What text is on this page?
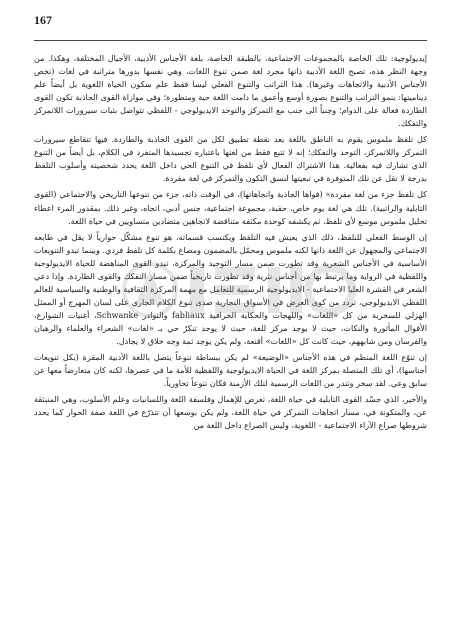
167

إيديولوجية: تلك الخاصة بالمجموعات الاجتماعية، بالطبقة الخاصة، بلغة الأجناس الأدبية، الأجيال المختلفة، وهكذا. من وجهة النظر هذه، تصبح اللغة الأدبية ذاتها مجرد لغة ضمن تنوع اللغات، وهي نفسها بدورها متراتبة في لغات (تخص الأجناس الأدبية والاتجاهات وغيرها). هذا التراتب والتنوع الفعلي ليسا فقط علم سكون الحياة اللغوية بل أيضاً علم ديناميتها: ينمو التراتب والتنوع بصورة أوسع وأعمق ما دامت اللغة حية ومتطورة؛ وفي موازاة القوى الجاذبة تكون القوى الطاردة فعالة على الدوام؛ وجنباً الى جنب مع التمركز والتوحد الايديولوجي - اللفظي تتواصل بثبات سيرورات اللاتمركز والتفكك.

كل تلفظ ملموس يقوم به الناطق باللغة يعد نقطة تطبيق لكل من القوى الجاذبة والطاردة. فيها تتقاطع سيرورات التمركز واللاتمركز، التوحد والتفكك؛ إنه لا تتبع فقط من لغتها باعتباره تجسيدها المتفرد في الكلام، بل أيضاً من التنوع الذي تشارك فيه بفعالية. هذا الاشتراك الفعال لأي تلفظ في التنوع الحي داخل اللغة يحدد شخصيته وأسلوب التلفظ بدرجة لا تقل عن تلك المتوفرة في تبعيتها لنسق التكون والتمركز في لغة مفردة.

كل تلفظ جزء من لغة مفردة» (قواها الجاذبة واتجاهاتها)، في الوقت ذاته، جزء من تنوعها التاريخي والاجتماعي (القوى التابلية والراتبية). تلك هي لغة يوم خاص، حقبة، مجموعة اجتماعية، جنس أدبي، اتجاه، وغير ذلك. بمقدور المرء اعطاء تحليل ملموس موسع لأي تلفظ، ثم يكشفه كوحدة مكثفة متناقضة لاتجاهين متضادين متساويين في حياة اللغة.

إن الوسط الفعلي للتلفظ، ذلك الذي يعيش فيه التلفظ ويكتسب قسماته، هو تنوع مشكّل حوارياً لا يقل في طابعه الاجتماعي والمجهول عن اللغة ذاتها لكنه ملموس ومحمّل بالمضمون ومصاغ بكلمة كل تلفظ فردي. وبينما تبدو التنويعات الأساسية في الأجناس الشعرية وقد تطورت ضمن مسار التوحيد والمركزة، تبدو القوى المناهضة للحياة الايديولوجية واللفظية في الرواية وما يرتبط بها من أجناس نثرية وقد تطورت تاريخياً ضمن مسار التفكك والقوى الطاردة. وإذا دعي الشعر في القشرة العليا الاجتماعية - الايديولوجية الرسمية للتعامل مع مهمة المركزة الثقافية والوطنية والسياسية للعالم اللفظي الايديولوجي، تردد من كوى العرض في الأسواق التجارية صدى تنوع الكلام الجاري على لسان المهرج أو الممثل الهزلي للسخرية من كل «اللغات» واللهجات والحكاية الخرافية fabliaux والنوادر Schwanke، أغنيات الشوارع، الأقوال المأثورة والنكات، حيث لا يوجد مركز للغة، حيث لا يوجد تنكرٌ حي بـ «لغات» الشعراء والعلماء والرهبان والفرسان ومن شابههم، حيث كانت كل «اللغات» أقنعة، ولم يكن يوجد ثمة وجه خلاق لا يجادل.

إن تنوّع اللغة المنظم في هذه الأجناس «الوضيعة» لم يكن ببساطة تنوعاً يتصل باللغة الأدبية المقرة (بكل تنويعات أجناسها)، أي تلك المتصلة بمركز اللغة في الحياة الايديولوجية واللفظية للأمة ما في عصرها، لكنه كان متعارضاً معها عن سابق وعي. لقد سخر وتندر من اللغات الرسمية لتلك الأزمنة فكان تنوعاً تحاورياً.

والأخير، الذي جسّد القوى التابلية في حياة اللغة، تعرض للإهمال وفلسفة اللغة واللسانيات وعلم الأسلوب، وهي المنبثقة عن، والمتكونة في، مسار اتجاهات التمركز في حياة اللغة، ولم يكن بوسعها أن تتذرّع في اللغة صفة الحوار كما يحدد شروطها صراع الآراء الاجتماعية - اللغوية، وليس الصراع داخل اللغة من
